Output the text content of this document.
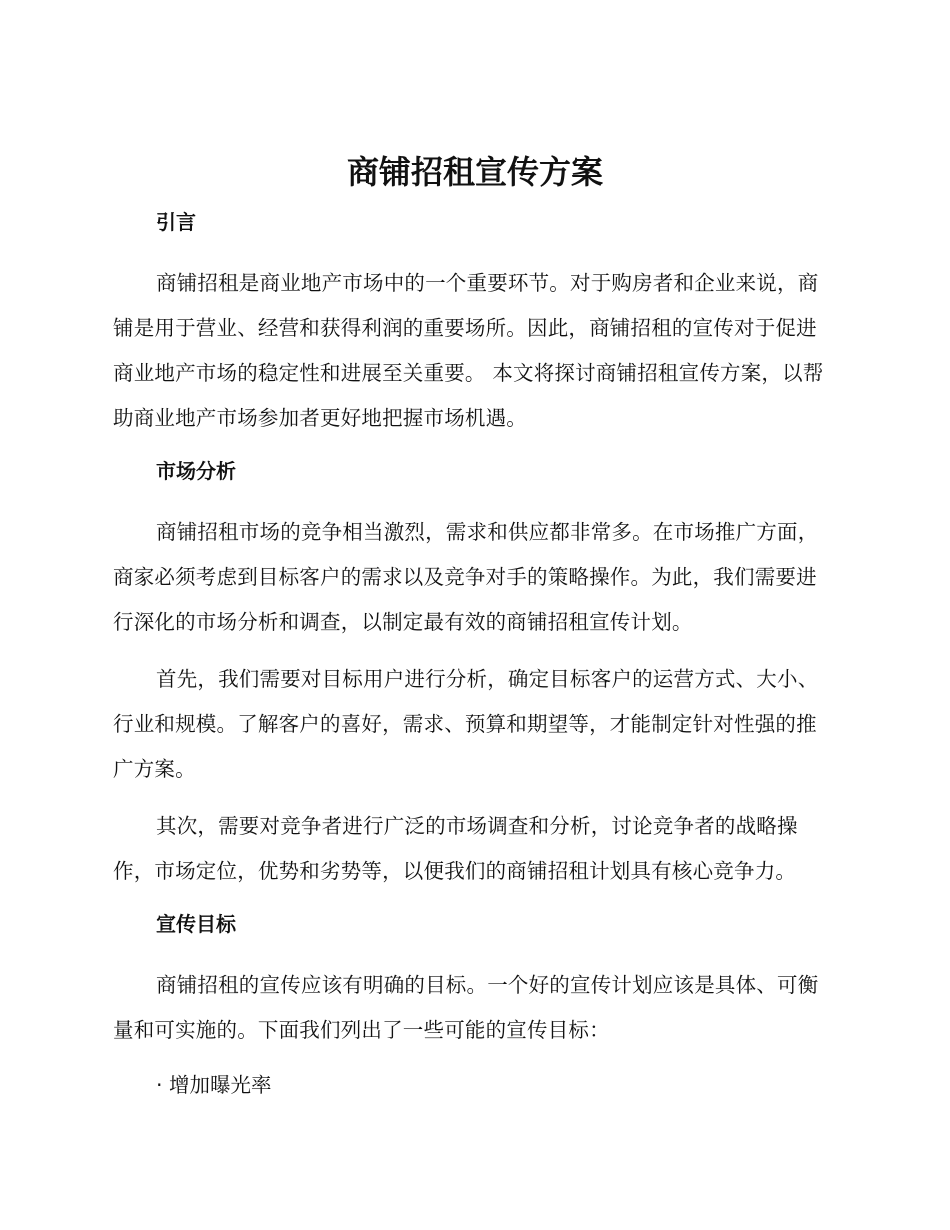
商铺招租宣传方案

引言

商铺招租是商业地产市场中的一个重要环节。对于购房者和企业来说，商铺是用于营业、经营和获得利润的重要场所。因此，商铺招租的宣传对于促进商业地产市场的稳定性和进展至关重要。 本文将探讨商铺招租宣传方案，以帮助商业地产市场参加者更好地把握市场机遇。

市场分析

商铺招租市场的竞争相当激烈，需求和供应都非常多。在市场推广方面，商家必须考虑到目标客户的需求以及竞争对手的策略操作。为此，我们需要进行深化的市场分析和调查，以制定最有效的商铺招租宣传计划。

首先，我们需要对目标用户进行分析，确定目标客户的运营方式、大小、行业和规模。了解客户的喜好，需求、预算和期望等，才能制定针对性强的推广方案。

其次，需要对竞争者进行广泛的市场调查和分析，讨论竞争者的战略操作，市场定位，优势和劣势等，以便我们的商铺招租计划具有核心竞争力。

宣传目标

商铺招租的宣传应该有明确的目标。一个好的宣传计划应该是具体、可衡量和可实施的。下面我们列出了一些可能的宣传目标：

· 增加曝光率
